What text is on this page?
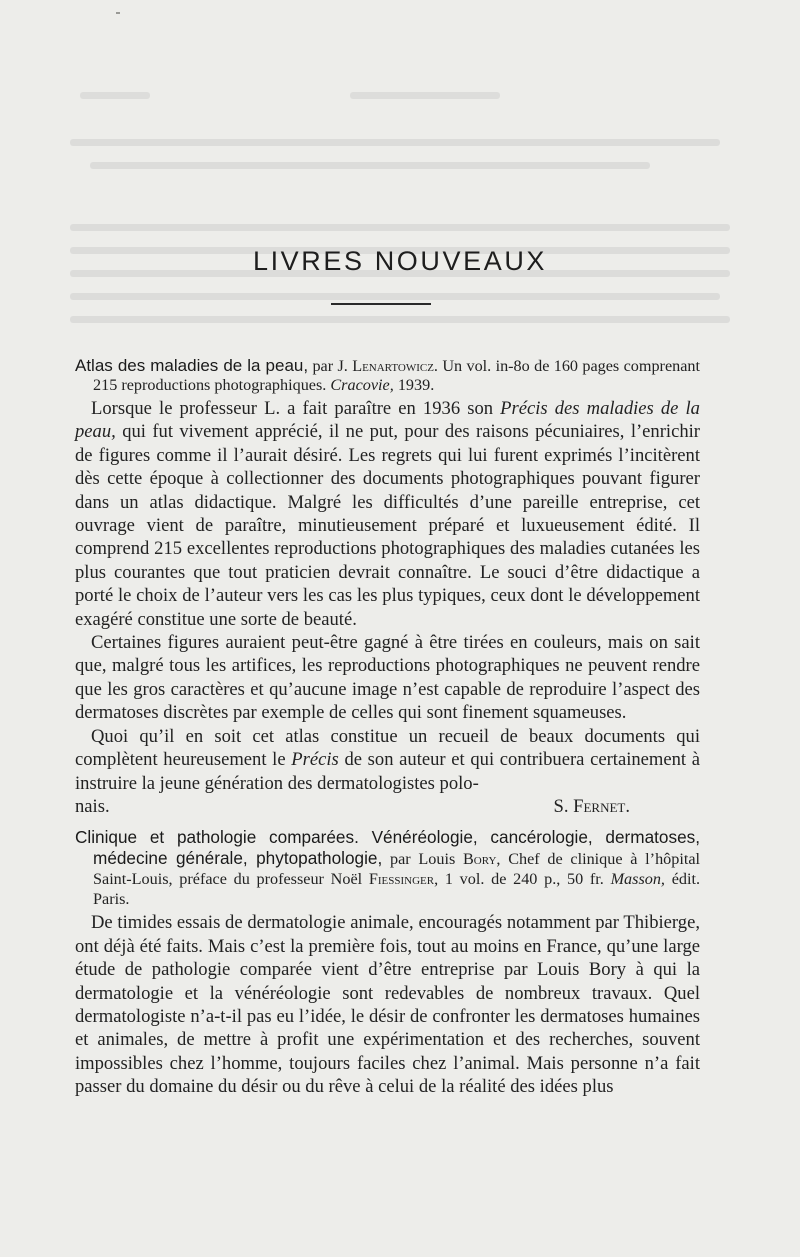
LIVRES NOUVEAUX

Atlas des maladies de la peau, par J. Lenartowicz. Un vol. in-8o de 160 pages comprenant 215 reproductions photographiques. Cracovie, 1939.

Lorsque le professeur L. a fait paraître en 1936 son Précis des maladies de la peau, qui fut vivement apprécié, il ne put, pour des raisons pécuniaires, l’enrichir de figures comme il l’aurait désiré. Les regrets qui lui furent exprimés l’incitèrent dès cette époque à collectionner des documents photographiques pouvant figurer dans un atlas didactique. Malgré les difficultés d’une pareille entreprise, cet ouvrage vient de paraître, minutieusement préparé et luxueusement édité. Il comprend 215 excellentes reproductions photographiques des maladies cutanées les plus courantes que tout praticien devrait connaître. Le souci d’être didactique a porté le choix de l’auteur vers les cas les plus typiques, ceux dont le développement exagéré constitue une sorte de beauté.

Certaines figures auraient peut-être gagné à être tirées en couleurs, mais on sait que, malgré tous les artifices, les reproductions photographiques ne peuvent rendre que les gros caractères et qu’aucune image n’est capable de reproduire l’aspect des dermatoses discrètes par exemple de celles qui sont finement squameuses.

Quoi qu’il en soit cet atlas constitue un recueil de beaux documents qui complètent heureusement le Précis de son auteur et qui contribuera certainement à instruire la jeune génération des dermatologistes polo-

nais.	S. Fernet.

Clinique et pathologie comparées. Vénéréologie, cancérologie, dermatoses, médecine générale, phytopathologie, par Louis Bory, Chef de clinique à l’hôpital Saint-Louis, préface du professeur Noël Fiessinger, 1 vol. de 240 p., 50 fr. Masson, édit. Paris.

De timides essais de dermatologie animale, encouragés notamment par Thibierge, ont déjà été faits. Mais c’est la première fois, tout au moins en France, qu’une large étude de pathologie comparée vient d’être entreprise par Louis Bory à qui la dermatologie et la vénéréologie sont redevables de nombreux travaux. Quel dermatologiste n’a-t-il pas eu l’idée, le désir de confronter les dermatoses humaines et animales, de mettre à profit une expérimentation et des recherches, souvent impossibles chez l’homme, toujours faciles chez l’animal. Mais personne n’a fait passer du domaine du désir ou du rêve à celui de la réalité des idées plus
